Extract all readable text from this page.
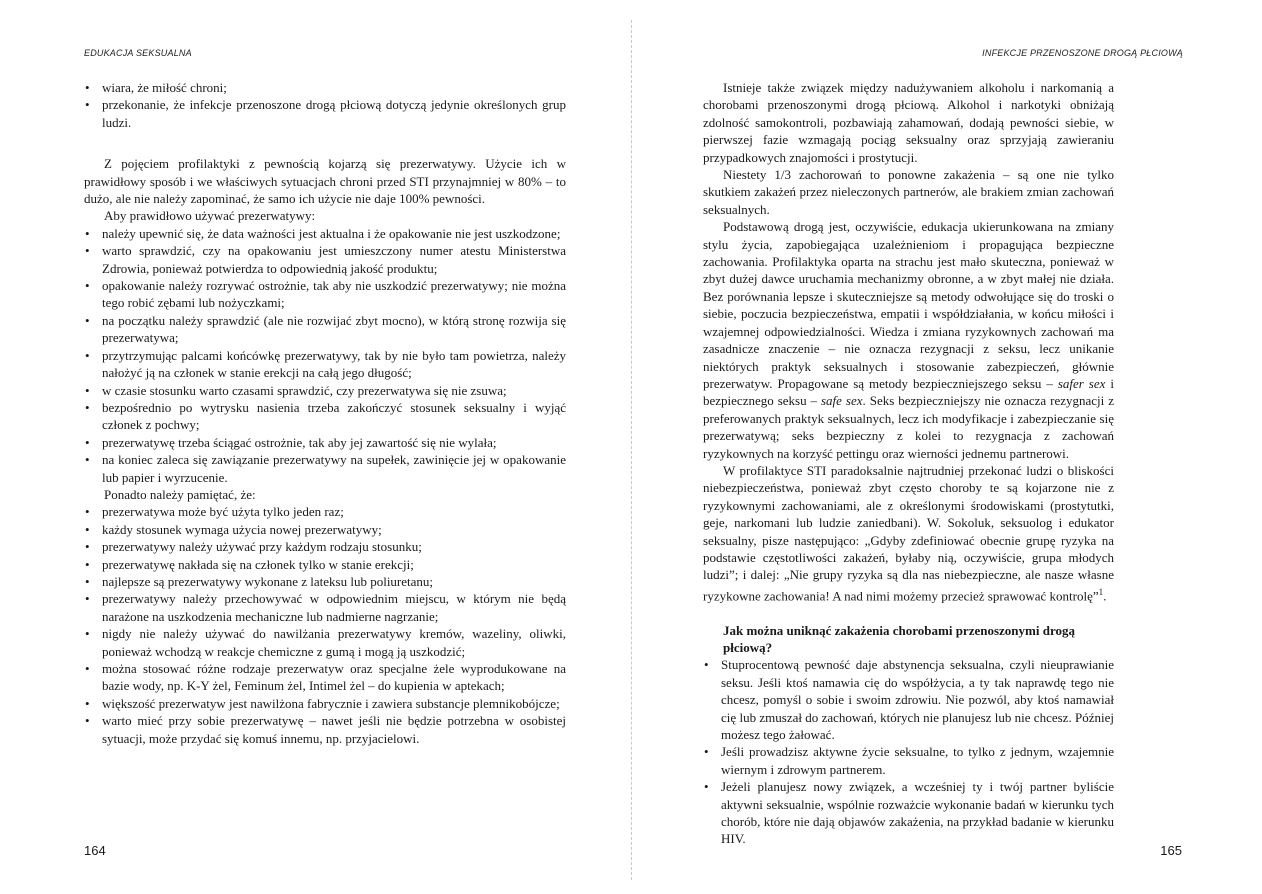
EDUKACJA SEKSUALNA
• wiara, że miłość chroni;
• przekonanie, że infekcje przenoszone drogą płciową dotyczą jedynie określonych grup ludzi.

Z pojęciem profilaktyki z pewnością kojarzą się prezerwatywy. Użycie ich w prawidłowy sposób i we właściwych sytuacjach chroni przed STI przynajmniej w 80% – to dużo, ale nie należy zapominać, że samo ich użycie nie daje 100% pewności.

Aby prawidłowo używać prezerwatywy:

• należy upewnić się, że data ważności jest aktualna i że opakowanie nie jest uszkodzone;
• warto sprawdzić, czy na opakowaniu jest umieszczony numer atestu Ministerstwa Zdrowia, ponieważ potwierdza to odpowiednią jakość produktu;
• opakowanie należy rozrywać ostrożnie, tak aby nie uszkodzić prezerwatywy; nie można tego robić zębami lub nożyczkami;
• na początku należy sprawdzić (ale nie rozwijać zbyt mocno), w którą stronę rozwija się prezerwatywa;
• przytrzymując palcami końcówkę prezerwatywy, tak by nie było tam powietrza, należy nałożyć ją na członek w stanie erekcji na całą jego długość;
• w czasie stosunku warto czasami sprawdzić, czy prezerwatywa się nie zsuwa;
• bezpośrednio po wytrysku nasienia trzeba zakończyć stosunek seksualny i wyjąć członek z pochwy;
• prezerwatywę trzeba ściągać ostrożnie, tak aby jej zawartość się nie wylała;
• na koniec zaleca się zawiązanie prezerwatywy na supełek, zawinięcie jej w opakowanie lub papier i wyrzucenie.

Ponadto należy pamiętać, że:

• prezerwatywa może być użyta tylko jeden raz;
• każdy stosunek wymaga użycia nowej prezerwatywy;
• prezerwatywy należy używać przy każdym rodzaju stosunku;
• prezerwatywę nakłada się na członek tylko w stanie erekcji;
• najlepsze są prezerwatywy wykonane z lateksu lub poliuretanu;
• prezerwatywy należy przechowywać w odpowiednim miejscu, w którym nie będą narażone na uszkodzenia mechaniczne lub nadmierne nagrzanie;
• nigdy nie należy używać do nawilżania prezerwatywy kremów, wazeliny, oliwki, ponieważ wchodzą w reakcje chemiczne z gumą i mogą ją uszkodzić;
• można stosować różne rodzaje prezerwatyw oraz specjalne żele wyprodukowane na bazie wody, np. K-Y żel, Feminum żel, Intimel żel – do kupienia w aptekach;
• większość prezerwatyw jest nawilżona fabrycznie i zawiera substancje plemnikobójcze;
• warto mieć przy sobie prezerwatywę – nawet jeśli nie będzie potrzebna w osobistej sytuacji, może przydać się komuś innemu, np. przyjacielowi.
164
INFEKCJE PRZENOSZONE DROGĄ PŁCIOWĄ

Istnieje także związek między nadużywaniem alkoholu i narkomanią a chorobami przenoszonymi drogą płciową. Alkohol i narkotyki obniżają zdolność samokontroli, pozbawiają zahamowań, dodają pewności siebie, w pierwszej fazie wzmagają pociąg seksualny oraz sprzyjają zawieraniu przypadkowych znajomości i prostytucji.

Niestety 1/3 zachorowań to ponowne zakażenia – są one nie tylko skutkiem zakażeń przez nieleczonych partnerów, ale brakiem zmian zachowań seksualnych.

Podstawową drogą jest, oczywiście, edukacja ukierunkowana na zmiany stylu życia, zapobiegająca uzależnieniom i propagująca bezpieczne zachowania. Profilaktyka oparta na strachu jest mało skuteczna, ponieważ w zbyt dużej dawce uruchamia mechanizmy obronne, a w zbyt małej nie działa. Bez porównania lepsze i skuteczniejsze są metody odwołujące się do troski o siebie, poczucia bezpieczeństwa, empatii i współdziałania, w końcu miłości i wzajemnej odpowiedzialności. Wiedza i zmiana ryzykownych zachowań ma zasadnicze znaczenie – nie oznacza rezygnacji z seksu, lecz unikanie niektórych praktyk seksualnych i stosowanie zabezpieczeń, głównie prezerwatyw. Propagowane są metody bezpieczniejszego seksu – safer sex i bezpiecznego seksu – safe sex. Seks bezpieczniejszy nie oznacza rezygnacji z preferowanych praktyk seksualnych, lecz ich modyfikacje i zabezpieczanie się prezerwatywą; seks bezpieczny z kolei to rezygnacja z zachowań ryzykownych na korzyść pettingu oraz wierności jednemu partnerowi.

W profilaktyce STI paradoksalnie najtrudniej przekonać ludzi o bliskości niebezpieczeństwa, ponieważ zbyt często choroby te są kojarzone nie z ryzykownymi zachowaniami, ale z określonymi środowiskami (prostytutki, geje, narkomani lub ludzie zaniedbani). W. Sokoluk, seksuolog i edukator seksualny, pisze następująco: „Gdyby zdefiniować obecnie grupę ryzyka na podstawie częstotliwości zakażeń, byłaby nią, oczywiście, grupa młodych ludzi”; i dalej: „Nie grupy ryzyka są dla nas niebezpieczne, ale nasze własne ryzykowne zachowania! A nad nimi możemy przecież sprawować kontrolę”$^1$.

Jak można uniknąć zakażenia chorobami przenoszonymi drogą płciową?
• Stuprocentową pewność daje abstynencja seksualna, czyli nieuprawianie seksu. Jeśli ktoś namawia cię do współżycia, a ty tak naprawdę tego nie chcesz, pomyśl o sobie i swoim zdrowiu. Nie pozwól, aby ktoś namawiał cię lub zmuszał do zachowań, których nie planujesz lub nie chcesz. Później możesz tego żałować.
• Jeśli prowadzisz aktywne życie seksualne, to tylko z jednym, wzajemnie wiernym i zdrowym partnerem.
• Jeżeli planujesz nowy związek, a wcześniej ty i twój partner byliście aktywni seksualnie, wspólnie rozważcie wykonanie badań w kierunku tych chorób, które nie dają objawów zakażenia, na przykład badanie w kierunku HIV.
165
